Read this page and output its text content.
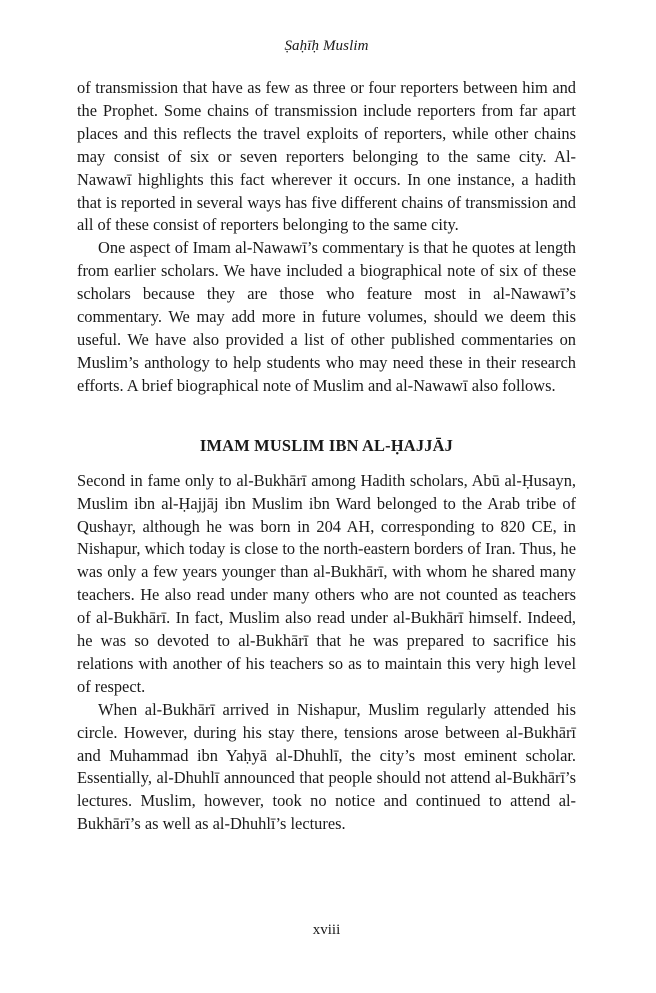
Ṣaḥīḥ Muslim

of transmission that have as few as three or four reporters between him and the Prophet. Some chains of transmission include reporters from far apart places and this reflects the travel exploits of reporters, while other chains may consist of six or seven reporters belonging to the same city. Al-Nawawī highlights this fact wherever it occurs. In one instance, a hadith that is reported in several ways has five different chains of transmission and all of these consist of reporters belonging to the same city.

One aspect of Imam al-Nawawī’s commentary is that he quotes at length from earlier scholars. We have included a biographical note of six of these scholars because they are those who feature most in al-Nawawī’s commentary. We may add more in future volumes, should we deem this useful. We have also provided a list of other published commentaries on Muslim’s anthology to help students who may need these in their research efforts. A brief biographical note of Muslim and al-Nawawī also follows.

IMAM MUSLIM IBN AL-ḤAJJĀJ

Second in fame only to al-Bukhārī among Hadith scholars, Abū al-Ḥusayn, Muslim ibn al-Ḥajjāj ibn Muslim ibn Ward belonged to the Arab tribe of Qushayr, although he was born in 204 AH, corresponding to 820 CE, in Nishapur, which today is close to the north-eastern borders of Iran. Thus, he was only a few years younger than al-Bukhārī, with whom he shared many teachers. He also read under many others who are not counted as teachers of al-Bukhārī. In fact, Muslim also read under al-Bukhārī himself. Indeed, he was so devoted to al-Bukhārī that he was prepared to sacrifice his relations with another of his teachers so as to maintain this very high level of respect.

When al-Bukhārī arrived in Nishapur, Muslim regularly attended his circle. However, during his stay there, tensions arose between al-Bukhārī and Muhammad ibn Yaḥyā al-Dhuhlī, the city’s most eminent scholar. Essentially, al-Dhuhlī announced that people should not attend al-Bukhārī’s lectures. Muslim, however, took no notice and continued to attend al-Bukhārī’s as well as al-Dhuhlī’s lectures.

xviii
